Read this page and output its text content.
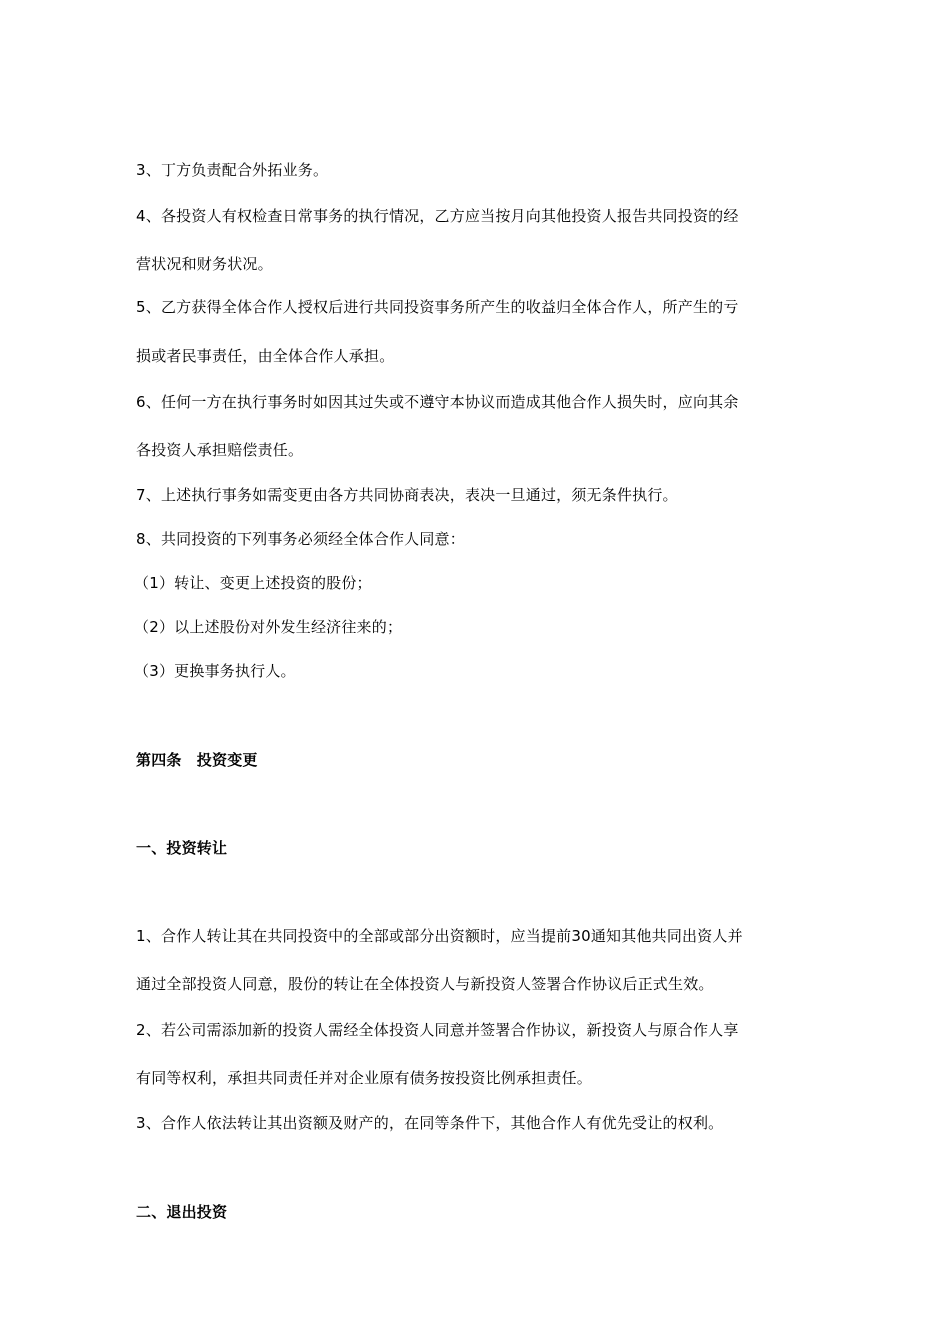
3、丁方负责配合外拓业务。
4、各投资人有权检查日常事务的执行情况，乙方应当按月向其他投资人报告共同投资的经
营状况和财务状况。
5、乙方获得全体合作人授权后进行共同投资事务所产生的收益归全体合作人，所产生的亏
损或者民事责任，由全体合作人承担。
6、任何一方在执行事务时如因其过失或不遵守本协议而造成其他合作人损失时，应向其余
各投资人承担赔偿责任。
7、上述执行事务如需变更由各方共同协商表决，表决一旦通过，须无条件执行。
8、共同投资的下列事务必须经全体合作人同意：
（1）转让、变更上述投资的股份；
（2）以上述股份对外发生经济往来的；
（3）更换事务执行人。
第四条　投资变更
一、投资转让
1、合作人转让其在共同投资中的全部或部分出资额时，应当提前30通知其他共同出资人并
通过全部投资人同意，股份的转让在全体投资人与新投资人签署合作协议后正式生效。
2、若公司需添加新的投资人需经全体投资人同意并签署合作协议，新投资人与原合作人享
有同等权利，承担共同责任并对企业原有债务按投资比例承担责任。
3、合作人依法转让其出资额及财产的，在同等条件下，其他合作人有优先受让的权利。
二、退出投资
